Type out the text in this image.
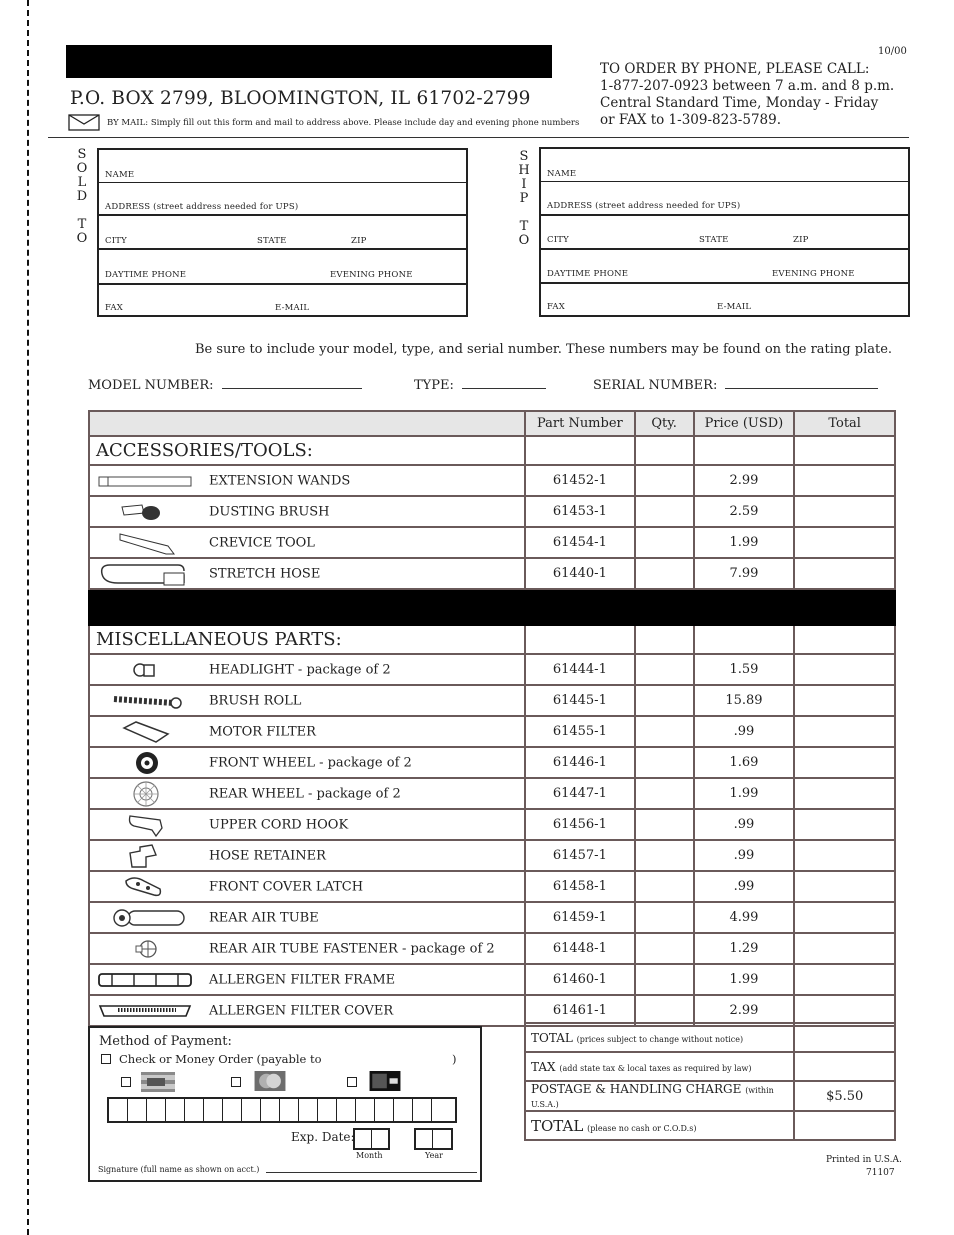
10/00
TO ORDER BY PHONE, PLEASE CALL:
1-877-207-0923 between 7 a.m. and 8 p.m.
Central Standard Time, Monday - Friday
or FAX to 1-309-823-5789.
P.O. BOX 2799, BLOOMINGTON, IL 61702-2799
BY MAIL: Simply fill out this form and mail to address above. Please include day and evening phone numbers
S
O
L
D
T
O
NAME
ADDRESS (street address needed for UPS)
CITY	STATE	ZIP
DAYTIME PHONE	EVENING PHONE
FAX	E-MAIL
S
H
I
P
T
O
NAME
ADDRESS (street address needed for UPS)
CITY	STATE	ZIP
DAYTIME PHONE	EVENING PHONE
FAX	E-MAIL
Be sure to include your model, type, and serial number. These numbers may be found on the rating plate.
MODEL NUMBER:	TYPE:	SERIAL NUMBER:
	Part Number	Qty.	Price (USD)	Total
ACCESSORIES/TOOLS:				

EXTENSION WANDS	61452-1		2.99	

DUSTING BRUSH	61453-1		2.59	

CREVICE TOOL	61454-1		1.99	

STRETCH HOSE	61440-1		7.99	

MISCELLANEOUS PARTS:				

HEADLIGHT - package of 2	61444-1		1.59	

BRUSH ROLL	61445-1		15.89	

MOTOR FILTER	61455-1		.99	

FRONT WHEEL - package of 2	61446-1		1.69	

REAR WHEEL - package of 2	61447-1		1.99	

UPPER CORD HOOK	61456-1		.99	

HOSE RETAINER	61457-1		.99	

FRONT COVER LATCH	61458-1		.99	

REAR AIR TUBE	61459-1		4.99	

REAR AIR TUBE FASTENER - package of 2	61448-1		1.29	

ALLERGEN FILTER FRAME	61460-1		1.99	

ALLERGEN FILTER COVER	61461-1		2.99	
Method of Payment:
Check or Money Order (payable to	)
Exp. Date:
Month	Year
Signature (full name as shown on acct.)
TOTAL (prices subject to change without notice)	
TAX (add state tax & local taxes as required by law)	
POSTAGE & HANDLING CHARGE (within U.S.A.)	$5.50
TOTAL (please no cash or C.O.D.s)	
Printed in U.S.A.
71107
